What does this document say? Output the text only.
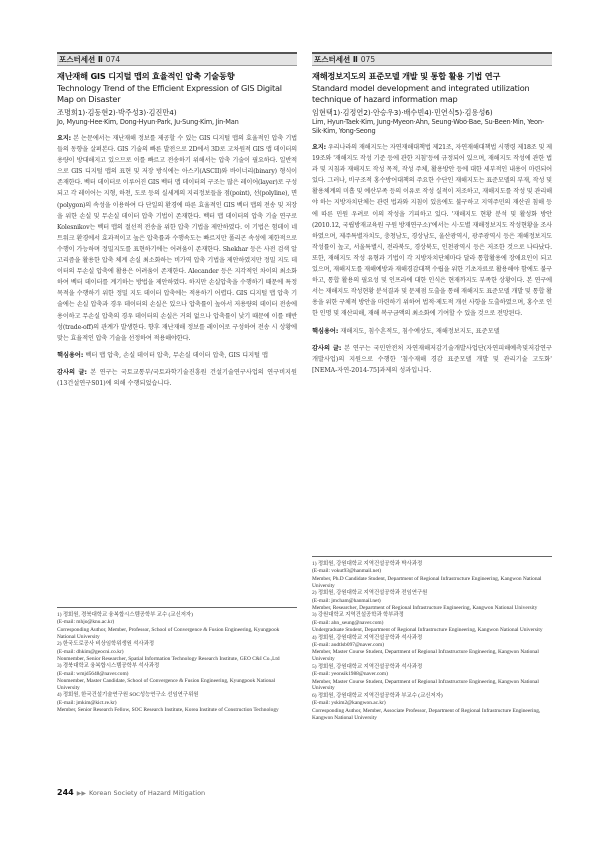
포스터세션 Ⅱ 074
재난재해 GIS 디지털 맵의 효율적인 압축 기술동향
Technology Trend of the Efficient Expression of GIS Digital Map on Disaster
조명희1)·김동현2)·박주성3)·김진만4)
Jo, Myung-Hee·Kim, Dong-Hyun·Park, Ju-Sung·Kim, Jin-Man
요지: 본 논문에서는 재난재해 정보를 제공할 수 있는 GIS 디지털 맵의 효율적인 압축 기법들의 동향을 살펴본다. GIS 기술의 빠른 발전으로 2D에서 3D로 고차원적 GIS 맵 데이터의 용량이 방대해지고 있으므로 이를 빠르고 전송하기 위해서는 압축 기술이 필요하다. 일반적으로 GIS 디지털 맵의 표현 및 저장 방식에는 아스키(ASCII)와 바이너리(binary) 형식이 존재한다. 벡터 데이터로 이루어진 GIS 벡터 맵 데이터의 구조는 많은 레이어(layer)로 구성되고 각 레이어는 지형, 하천, 도로 등의 실세계의 지리정보들을 점(point), 선(polyline), 면(polygon)의 속성을 이용하여 다 단일의 환경에 따른 효율적인 GIS 벡터 맵의 전송 및 저장을 위한 손실 및 무손실 데이터 압축 기법이 존재한다. 벡터 맵 데이터의 압축 기술 연구로 Kolesnikov는 벡터 맵의 절선적 전송을 위한 압축 기법을 제안하였다. 이 기법은 험데이 네트워크 환경에서 효과적이고 높은 압축률과 수행속도는 빠르지만 폴리곤 속성에 제한적으로 수행이 가능하며 정밀지도를 표현하기에는 어려움이 존재한다. Shekhar 등은 사전 검색 알고리즘을 활용한 압축 체계 손실 최소화하는 비가역 압축 기법을 제안하였지만 정밀 지도 데이터의 무손실 압축에 활용은 어려움이 존재한다. Alecander 등은 지각적인 차이의 최소화하여 벡터 데이터를 계기하는 방법을 제안하였다. 하지만 손실압축을 수행하기 때문에 특정 목적을 수행하기 위한 정밀 지도 데이터 압축에는 적용하기 어렵다. GIS 디지털 맵 압축 기술에는 손실 압축과 경우 데이터의 손실은 있으나 압축률이 높아서 저용량의 데이터 전송에 용이하고 무손실 압축의 경우 데이터의 손실은 거의 없으나 압축률이 낮기 때문에 이를 배반성(trade-off)의 관계가 발생한다. 향후 재난재해 정보를 레이어로 구성하여 전송 시 상황에 맞는 효율적인 압축 기술을 선정하여 적용해야한다.
핵심용어: 벡터 맵 압축, 손실 데이터 압축, 무손실 데이터 압축, GIS 디지털 맵
감사의 글: 본 연구는 국토교통부/국토과학기술진흥원 건설기술연구사업의 연구비지원(13건설연구S01)에 의해 수행되었습니다.
1) 정회원, 경북대학교 융복합시스템공학부 교수 (교신저자)
(E-mail: mhjo@knu.ac.kr)
Corresponding Author, Member, Professor, School of Convergence & Fusion Engineering, Kyungpook National University
2) 한국도로공사 비상임학위생원 석사과정
(E-mail: dhkim@geocni.co.kr)
Nonmember, Senior Researcher, Spatial Information Technology Research Institute, GEO C&I Co.,Ltd
3) 경북대학교 융복합시스템공학부 석사과정
(E-mail: wmjd5648@naver.com)
Nonmember, Master Candidate, School of Convergence & Fusion Engineering, Kyungpook National University
4) 정회원, 한국건설기술연구원 SOC성능연구소 선임연구위원
(E-mail: jmkim@kict.re.kr)
Member, Senior Research Fellow, SOC Research Institute, Korea Institute of Construction Technology
포스터세션 Ⅱ 075
재해정보지도의 표준모델 개발 및 통합 활용 기법 연구
Standard model development and integrated utilization technique of hazard information map
임현택1)·김정연2)·안승우3)·배수빈4)·민연식5)·김용성6)
Lim, Hyun-Taek·Kim, Jung-Myeon·Ahn, Seung-Woo·Bae, Su-Been·Min, Yeon-Sik·Kim, Yong-Seong
요지: 우리나라의 재해지도는 자연재해대책법 제21조, 자연재해대책법 시행령 제18조 및 제19조와 '재해지도 작성 기준 등에 관한 지침'등에 규정되어 있으며, 재해지도 작성에 관한 법과 및 지침과 재해지도 작성 목적, 작성 주체, 활용방안 등에 대한 세부적인 내용이 마련되어 있다. 그러나, 비구조적 홍수방어대책의 주요한 수단인 재해지도는 표준모델의 부재, 작성 및 활용체계의 미흡 및 예산부족 등의 이유로 작성 실적이 저조하고, 재해지도를 작성 및 관리해야 하는 지방자치단체는 관련 법과와 지침이 있음에도 불구하고 지역주민의 재산권 침해 등에 따른 민원 우려로 이의 작성을 기피하고 있다. '재해지도 현황 분석 및 활성화 방안(2010.12, 국립방재교육원 구원 방재연구소)'에서는 시·도별 재해정보지도 작성현황을 조사하였으며, 제주특별자치도, 충청남도, 경상남도, 울산광역시, 광주광역시 등은 재해정보지도 작성률이 높고, 서울특별시, 전라북도, 경상북도, 인천광역시 등은 저조한 것으로 나타났다. 또한, 재해지도 작성 유형과 기법이 각 지방자치단체마다 달라 통합활용에 장애요인이 되고 있으며, 재해지도를 재해예방과 재해경감대책 수립을 위한 기초자료로 활용해야 함에도 불구하고, 통합 활용의 필요성 및 인프라에 대한 인식은 현재까지도 부족한 상황이다. 본 연구에서는 재해지도 작성현황 분석결과 및 문제점 도출을 통해 재해지도 표준모델 개발 및 통합 활용을 위한 구체적 방안을 마련하기 위하여 법적·제도적 개선 사항을 도출하였으며, 홍수로 인한 인명 및 재산피해, 재해 복구금액의 최소화에 기여할 수 있을 것으로 전망된다.
핵심용어: 재해지도, 침수흔적도, 침수예상도, 재해정보지도, 표준모델
감사의 글: 본 연구는 국민안전처 자연재해저감기술개발사업단(자연피해예측및저감연구개발사업)의 지원으로 수행한 '침수재해 경감 표준모델 개발 및 관리기술 고도화' [NEMA-자연-2014-75]과제의 성과입니다.
1) 정회원, 강원대학교 지역건설공학과 박사과정
(E-mail: vokut93@hanmail.net)
Member, Ph.D Candidate Student, Department of Regional Infrastructure Engineering, Kangwon National University
2) 정회원, 강원대학교 지역건설공학과 전임연구원
(E-mail: jmcham@hanmail.net)
Member, Researcher, Department of Regional Infrastructure Engineering, Kangwon National University
3) 강원대학교 지역건설공학과 학부과정
(E-mail: ahn_seung@naver.com)
Undergraduate Student, Department of Regional Infrastructure Engineering, Kangwon National University
4) 정회원, 강원대학교 지역건설공학과 석사과정
(E-mail: audtlsb097@naver.com)
Member, Master Course Student, Department of Regional Infrastructure Engineering, Kangwon National University
5) 정회원, 강원대학교 지역건설공학과 석사과정
(E-mail: yeonsik1988@naver.com)
Member, Master Course Student, Department of Regional Infrastructure Engineering, Kangwon National University
6) 정회원, 강원대학교 지역건설공학과 부교수 (교신저자)
(E-mail: yskim2@kangwon.ac.kr)
Corresponding Author, Member, Associate Professor, Department of Regional Infrastructure Engineering, Kangwon National University
244 ▶▶ Korean Society of Hazard Mitigation
